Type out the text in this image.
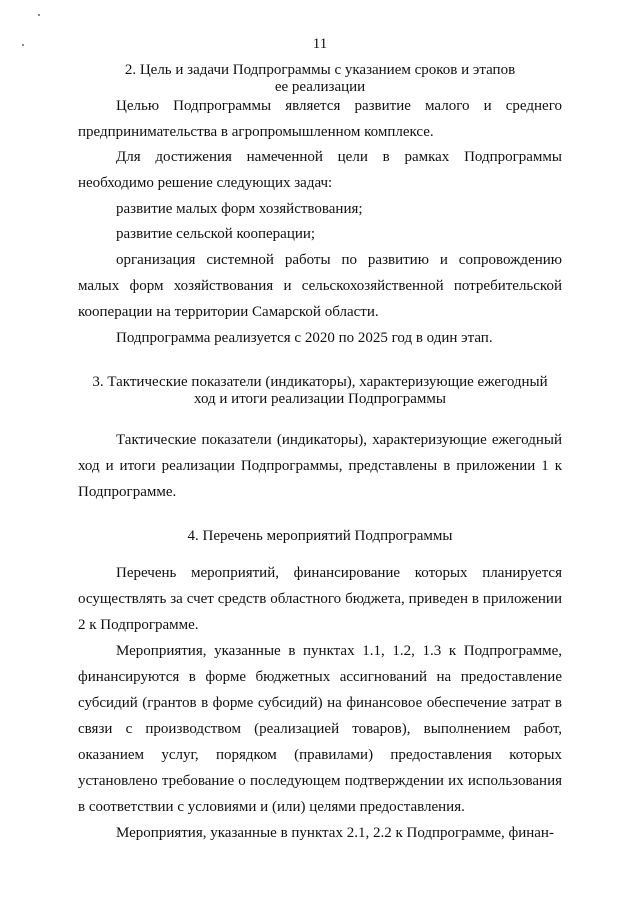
11
2. Цель и задачи Подпрограммы с указанием сроков и этапов
ее реализации

Целью Подпрограммы является развитие малого и среднего предпринимательства в агропромышленном комплексе.

Для достижения намеченной цели в рамках Подпрограммы необходимо решение следующих задач:

развитие малых форм хозяйствования;

развитие сельской кооперации;

организация системной работы по развитию и сопровождению малых форм хозяйствования и сельскохозяйственной потребительской кооперации на территории Самарской области.

Подпрограмма реализуется с 2020 по 2025 год в один этап.

3. Тактические показатели (индикаторы), характеризующие ежегодный
ход и итоги реализации Подпрограммы

Тактические показатели (индикаторы), характеризующие ежегодный ход и итоги реализации Подпрограммы, представлены в приложении 1 к Подпрограмме.

4. Перечень мероприятий Подпрограммы

Перечень мероприятий, финансирование которых планируется осуществлять за счет средств областного бюджета, приведен в приложении 2 к Подпрограмме.

Мероприятия, указанные в пунктах 1.1, 1.2, 1.3 к Подпрограмме, финансируются в форме бюджетных ассигнований на предоставление субсидий (грантов в форме субсидий) на финансовое обеспечение затрат в связи с производством (реализацией товаров), выполнением работ, оказанием услуг, порядком (правилами) предоставления которых установлено требование о последующем подтверждении их использования в соответствии с условиями и (или) целями предоставления.

Мероприятия, указанные в пунктах 2.1, 2.2 к Подпрограмме, финан-
